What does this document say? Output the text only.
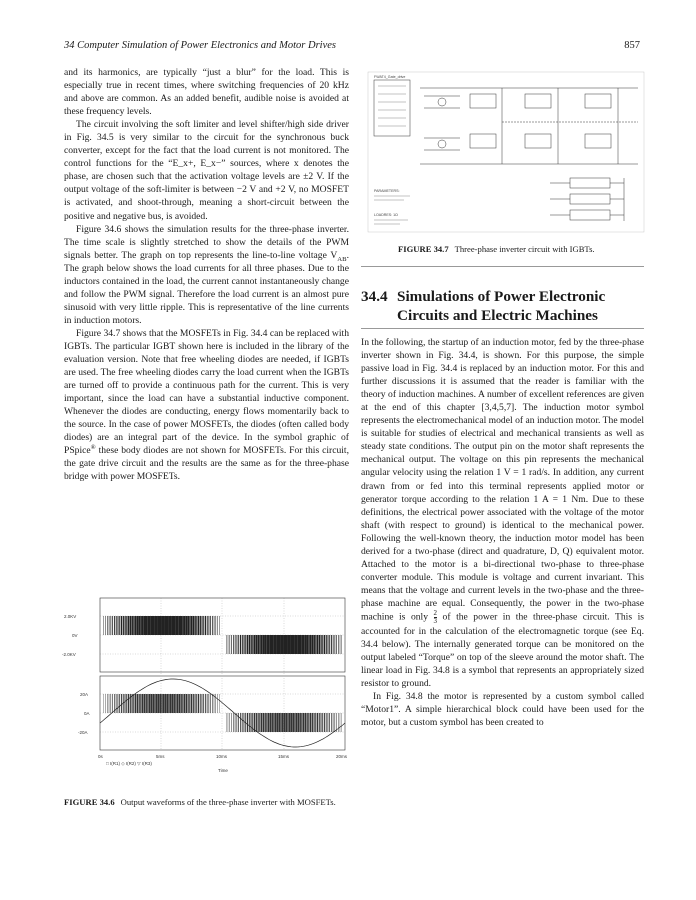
34 Computer Simulation of Power Electronics and Motor Drives	857

and its harmonics, are typically “just a blur” for the load. This is especially true in recent times, where switching frequencies of 20 kHz and above are common. As an added benefit, audible noise is avoided at these frequency levels.

The circuit involving the soft limiter and level shifter/high side driver in Fig. 34.5 is very similar to the circuit for the synchronous buck converter, except for the fact that the load current is not monitored. The control functions for the “E_x+, E_x−” sources, where x denotes the phase, are chosen such that the activation voltage levels are ±2 V. If the output voltage of the soft-limiter is between −2 V and +2 V, no MOSFET is activated, and shoot-through, meaning a short-circuit between the positive and negative bus, is avoided.

Figure 34.6 shows the simulation results for the three-phase inverter. The time scale is slightly stretched to show the details of the PWM signals better. The graph on top represents the line-to-line voltage $V_{AB}$. The graph below shows the load currents for all three phases. Due to the inductors contained in the load, the current cannot instantaneously change and follow the PWM signal. Therefore the load current is an almost pure sinusoid with very little ripple. This is representative of the line currents in induction motors.

Figure 34.7 shows that the MOSFETs in Fig. 34.4 can be replaced with IGBTs. The particular IGBT shown here is included in the library of the evaluation version. Note that free wheeling diodes are needed, if IGBTs are used. The free wheeling diodes carry the load current when the IGBTs are turned off to provide a continuous path for the current. This is very important, since the load can have a substantial inductive component. Whenever the diodes are conducting, energy flows momentarily back to the source. In the case of power MOSFETs, the diodes (often called body diodes) are an integral part of the device. In the symbol graphic of PSpice® these body diodes are not shown for MOSFETs. For this circuit, the gate drive circuit and the results are the same as for the three-phase bridge with power MOSFETs.

2.0KV
0V
-2.0KV
20A
0A
-20A
0s	5ms	10ms	15ms	20ms
Time
□ I(R1) ◇ I(R2) ▽ I(R3)
FIGURE 34.6 Output waveforms of the three-phase inverter with MOSFETs.
FWAT4_Gate_drive
PARAMETERS:
LOADRES: 1Ω
FIGURE 34.7 Three-phase inverter circuit with IGBTs.
34.4 Simulations of Power Electronic
Circuits and Electric Machines

In the following, the startup of an induction motor, fed by the three-phase inverter shown in Fig. 34.4, is shown. For this purpose, the simple passive load in Fig. 34.4 is replaced by an induction motor. For this and further discussions it is assumed that the reader is familiar with the theory of induction machines. A number of excellent references are given at the end of this chapter [3,4,5,7]. The induction motor symbol represents the electromechanical model of an induction motor. The model is suitable for studies of electrical and mechanical transients as well as steady state conditions. The output pin on the motor shaft represents the mechanical output. The voltage on this pin represents the mechanical angular velocity using the relation 1 V = 1 rad/s. In addition, any current drawn from or fed into this terminal represents applied motor or generator torque according to the relation 1 A = 1 Nm. Due to these definitions, the electrical power associated with the voltage of the motor shaft (with respect to ground) is identical to the mechanical power. Following the well-known theory, the induction motor model has been derived for a two-phase (direct and quadrature, D, Q) equivalent motor. Attached to the motor is a bi-directional two-phase to three-phase converter module. This module is voltage and current invariant. This means that the voltage and current levels in the two-phase and the three-phase machine are equal. Consequently, the power in the two-phase machine is only $\frac{2}{3}$ of the power in the three-phase circuit. This is accounted for in the calculation of the electromagnetic torque (see Eq. 34.4 below). The internally generated torque can be monitored on the output labeled “Torque” on top of the sleeve around the motor shaft. The linear load in Fig. 34.8 is a symbol that represents an appropriately sized resistor to ground.

In Fig. 34.8 the motor is represented by a custom symbol called “Motor1”. A simple hierarchical block could have been used for the motor, but a custom symbol has been created to
